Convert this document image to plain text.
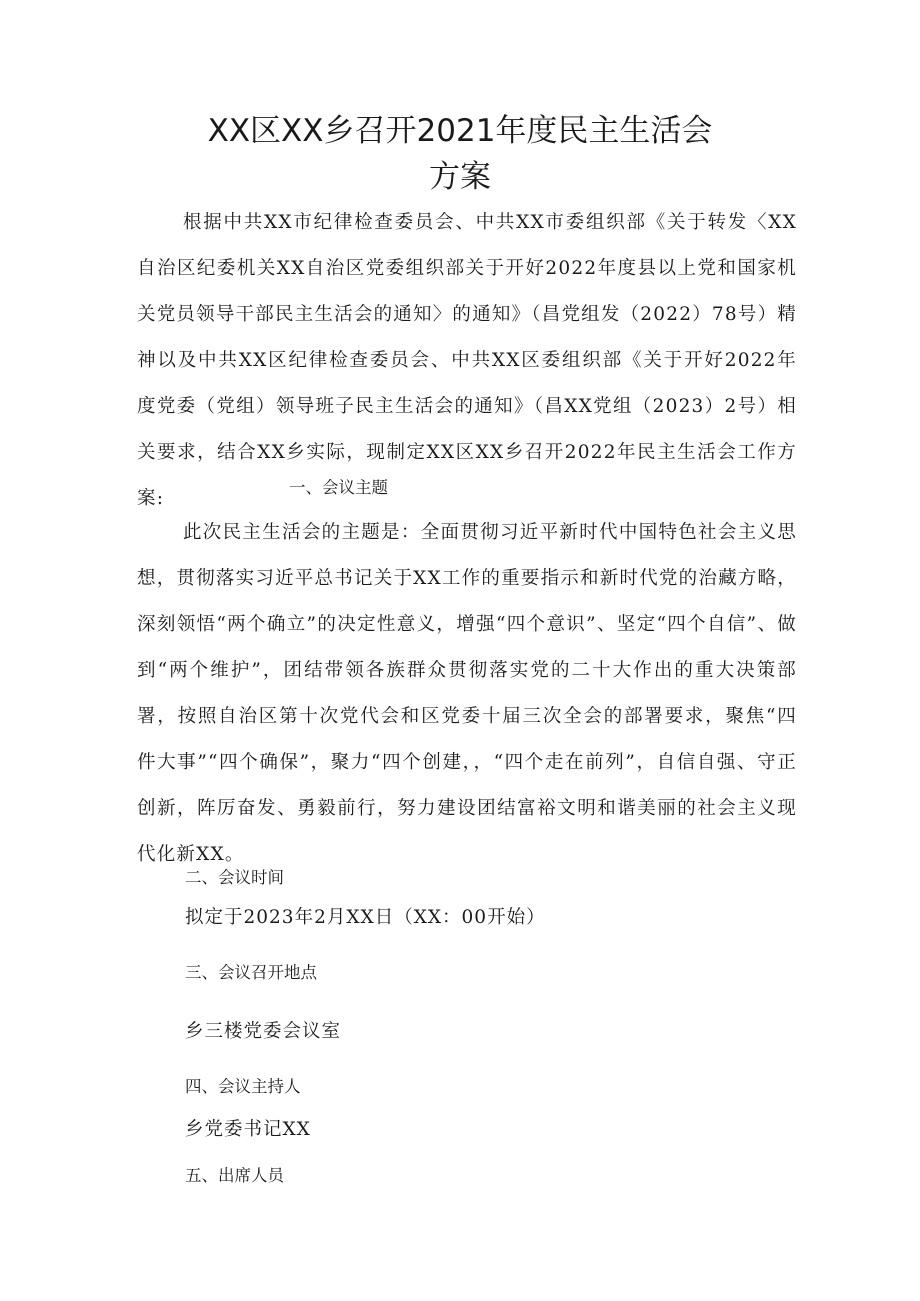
XX区XX乡召开2021年度民主生活会
方案

根据中共XX市纪律检查委员会、中共XX市委组织部《关于转发〈XX自治区纪委机关XX自治区党委组织部关于开好2022年度县以上党和国家机关党员领导干部民主生活会的通知〉的通知》（昌党组发（2022）78号）精神以及中共XX区纪律检查委员会、中共XX区委组织部《关于开好2022年度党委（党组）领导班子民主生活会的通知》（昌XX党组（2023）2号）相关要求，结合XX乡实际，现制定XX区XX乡召开2022年民主生活会工作方案:

一、会议主题

此次民主生活会的主题是：全面贯彻习近平新时代中国特色社会主义思想，贯彻落实习近平总书记关于XX工作的重要指示和新时代党的治藏方略，深刻领悟“两个确立”的决定性意义，增强“四个意识”、坚定“四个自信”、做到“两个维护”，团结带领各族群众贯彻落实党的二十大作出的重大决策部署，按照自治区第十次党代会和区党委十届三次全会的部署要求，聚焦“四件大事”“四个确保”，聚力“四个创建，，“四个走在前列”，自信自强、守正创新，阵厉奋发、勇毅前行，努力建设团结富裕文明和谐美丽的社会主义现代化新XX。

二、会议时间

拟定于2023年2月XX日（XX：00开始）

三、会议召开地点

乡三楼党委会议室

四、会议主持人

乡党委书记XX

五、出席人员
